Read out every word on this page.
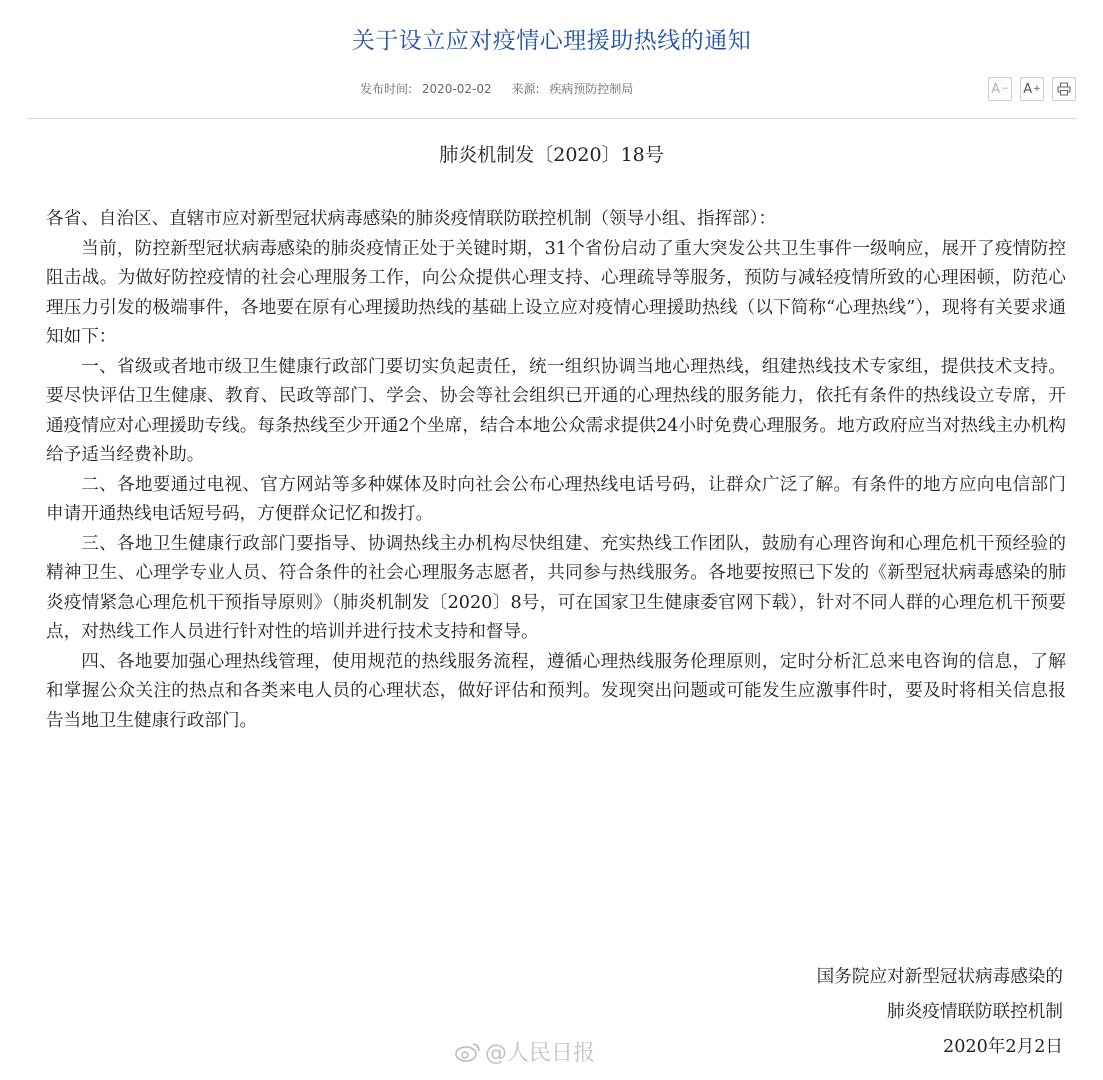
关于设立应对疫情心理援助热线的通知
发布时间: 2020-02-02 来源: 疾病预防控制局	A − A +
肺炎机制发〔2020〕18号

各省、自治区、直辖市应对新型冠状病毒感染的肺炎疫情联防联控机制（领导小组、指挥部）：

当前，防控新型冠状病毒感染的肺炎疫情正处于关键时期，31个省份启动了重大突发公共卫生事件一级响应，展开了疫情防控阻击战。为做好防控疫情的社会心理服务工作，向公众提供心理支持、心理疏导等服务，预防与减轻疫情所致的心理困顿，防范心理压力引发的极端事件，各地要在原有心理援助热线的基础上设立应对疫情心理援助热线（以下简称“心理热线”），现将有关要求通知如下：

一、省级或者地市级卫生健康行政部门要切实负起责任，统一组织协调当地心理热线，组建热线技术专家组，提供技术支持。要尽快评估卫生健康、教育、民政等部门、学会、协会等社会组织已开通的心理热线的服务能力，依托有条件的热线设立专席，开通疫情应对心理援助专线。每条热线至少开通2个坐席，结合本地公众需求提供24小时免费心理服务。地方政府应当对热线主办机构给予适当经费补助。

二、各地要通过电视、官方网站等多种媒体及时向社会公布心理热线电话号码，让群众广泛了解。有条件的地方应向电信部门申请开通热线电话短号码，方便群众记忆和拨打。

三、各地卫生健康行政部门要指导、协调热线主办机构尽快组建、充实热线工作团队，鼓励有心理咨询和心理危机干预经验的精神卫生、心理学专业人员、符合条件的社会心理服务志愿者，共同参与热线服务。各地要按照已下发的《新型冠状病毒感染的肺炎疫情紧急心理危机干预指导原则》（肺炎机制发〔2020〕8号，可在国家卫生健康委官网下载），针对不同人群的心理危机干预要点，对热线工作人员进行针对性的培训并进行技术支持和督导。

四、各地要加强心理热线管理，使用规范的热线服务流程，遵循心理热线服务伦理原则，定时分析汇总来电咨询的信息，了解和掌握公众关注的热点和各类来电人员的心理状态，做好评估和预判。发现突出问题或可能发生应激事件时，要及时将相关信息报告当地卫生健康行政部门。

国务院应对新型冠状病毒感染的
肺炎疫情联防联控机制
2020年2月2日
@人民日报
